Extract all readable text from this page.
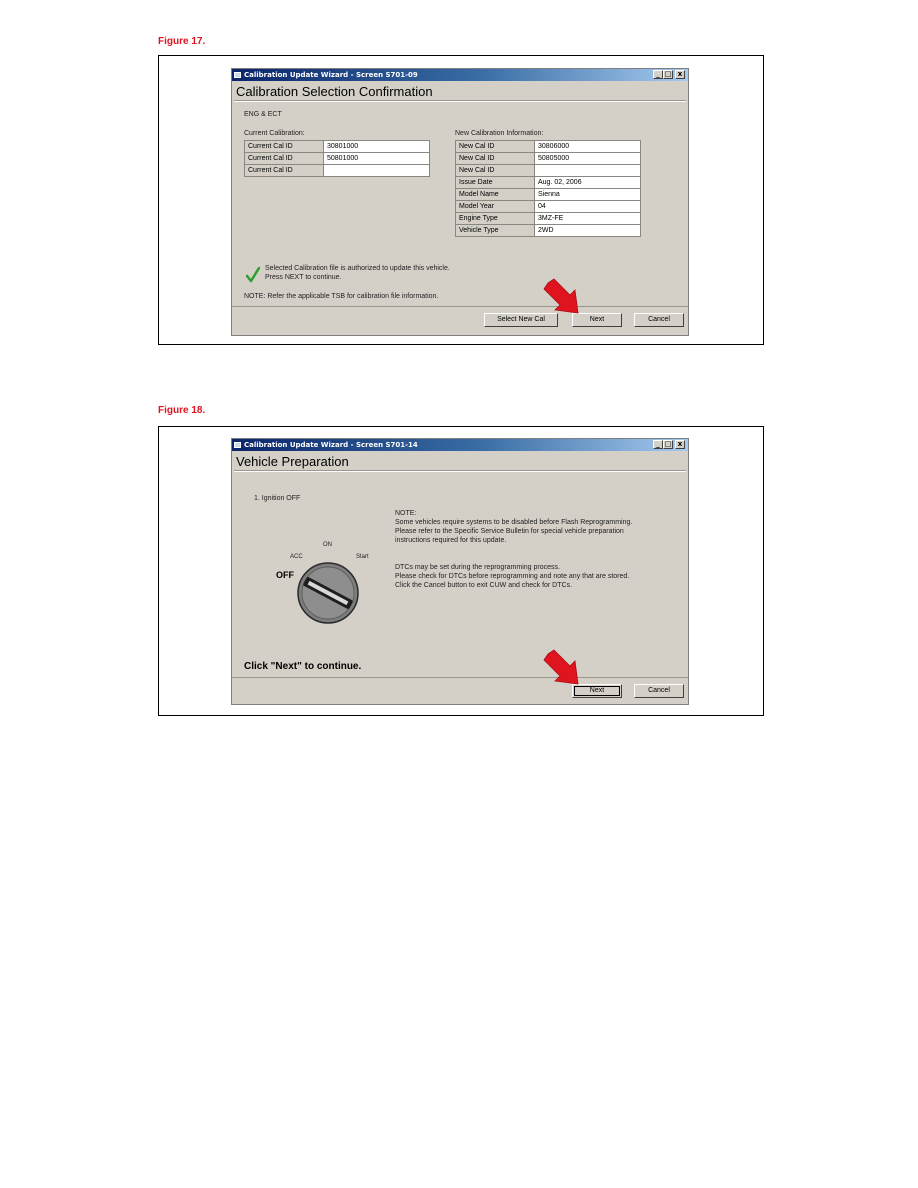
Figure 17.
Calibration Update Wizard - Screen S701-09	_ □ x
Calibration Selection Confirmation
ENG & ECT
Current Calibration:
Current Cal ID	30801000
Current Cal ID	50801000
Current Cal ID	
New Calibration Information:
New Cal ID	30806000
New Cal ID	50805000
New Cal ID	
Issue Date	Aug. 02, 2006
Model Name	Sienna
Model Year	04
Engine Type	3MZ-FE
Vehicle Type	2WD
Selected Calibration file is authorized to update this vehicle.
Press NEXT to continue.
NOTE: Refer the applicable TSB for calibration file information.
Select New Cal	Next	Cancel
Figure 18.
Calibration Update Wizard - Screen S701-14	_ □ x
Vehicle Preparation
1. Ignition OFF
ON
ACC	Start
OFF
NOTE:
Some vehicles require systems to be disabled before Flash Reprogramming.
Please refer to the Specific Service Bulletin for special vehicle preparation
instructions required for this update.
DTCs may be set during the reprogramming process.
Please check for DTCs before reprogramming and note any that are stored.
Click the Cancel button to exit CUW and check for DTCs.
Click "Next" to continue.
Next	Cancel
